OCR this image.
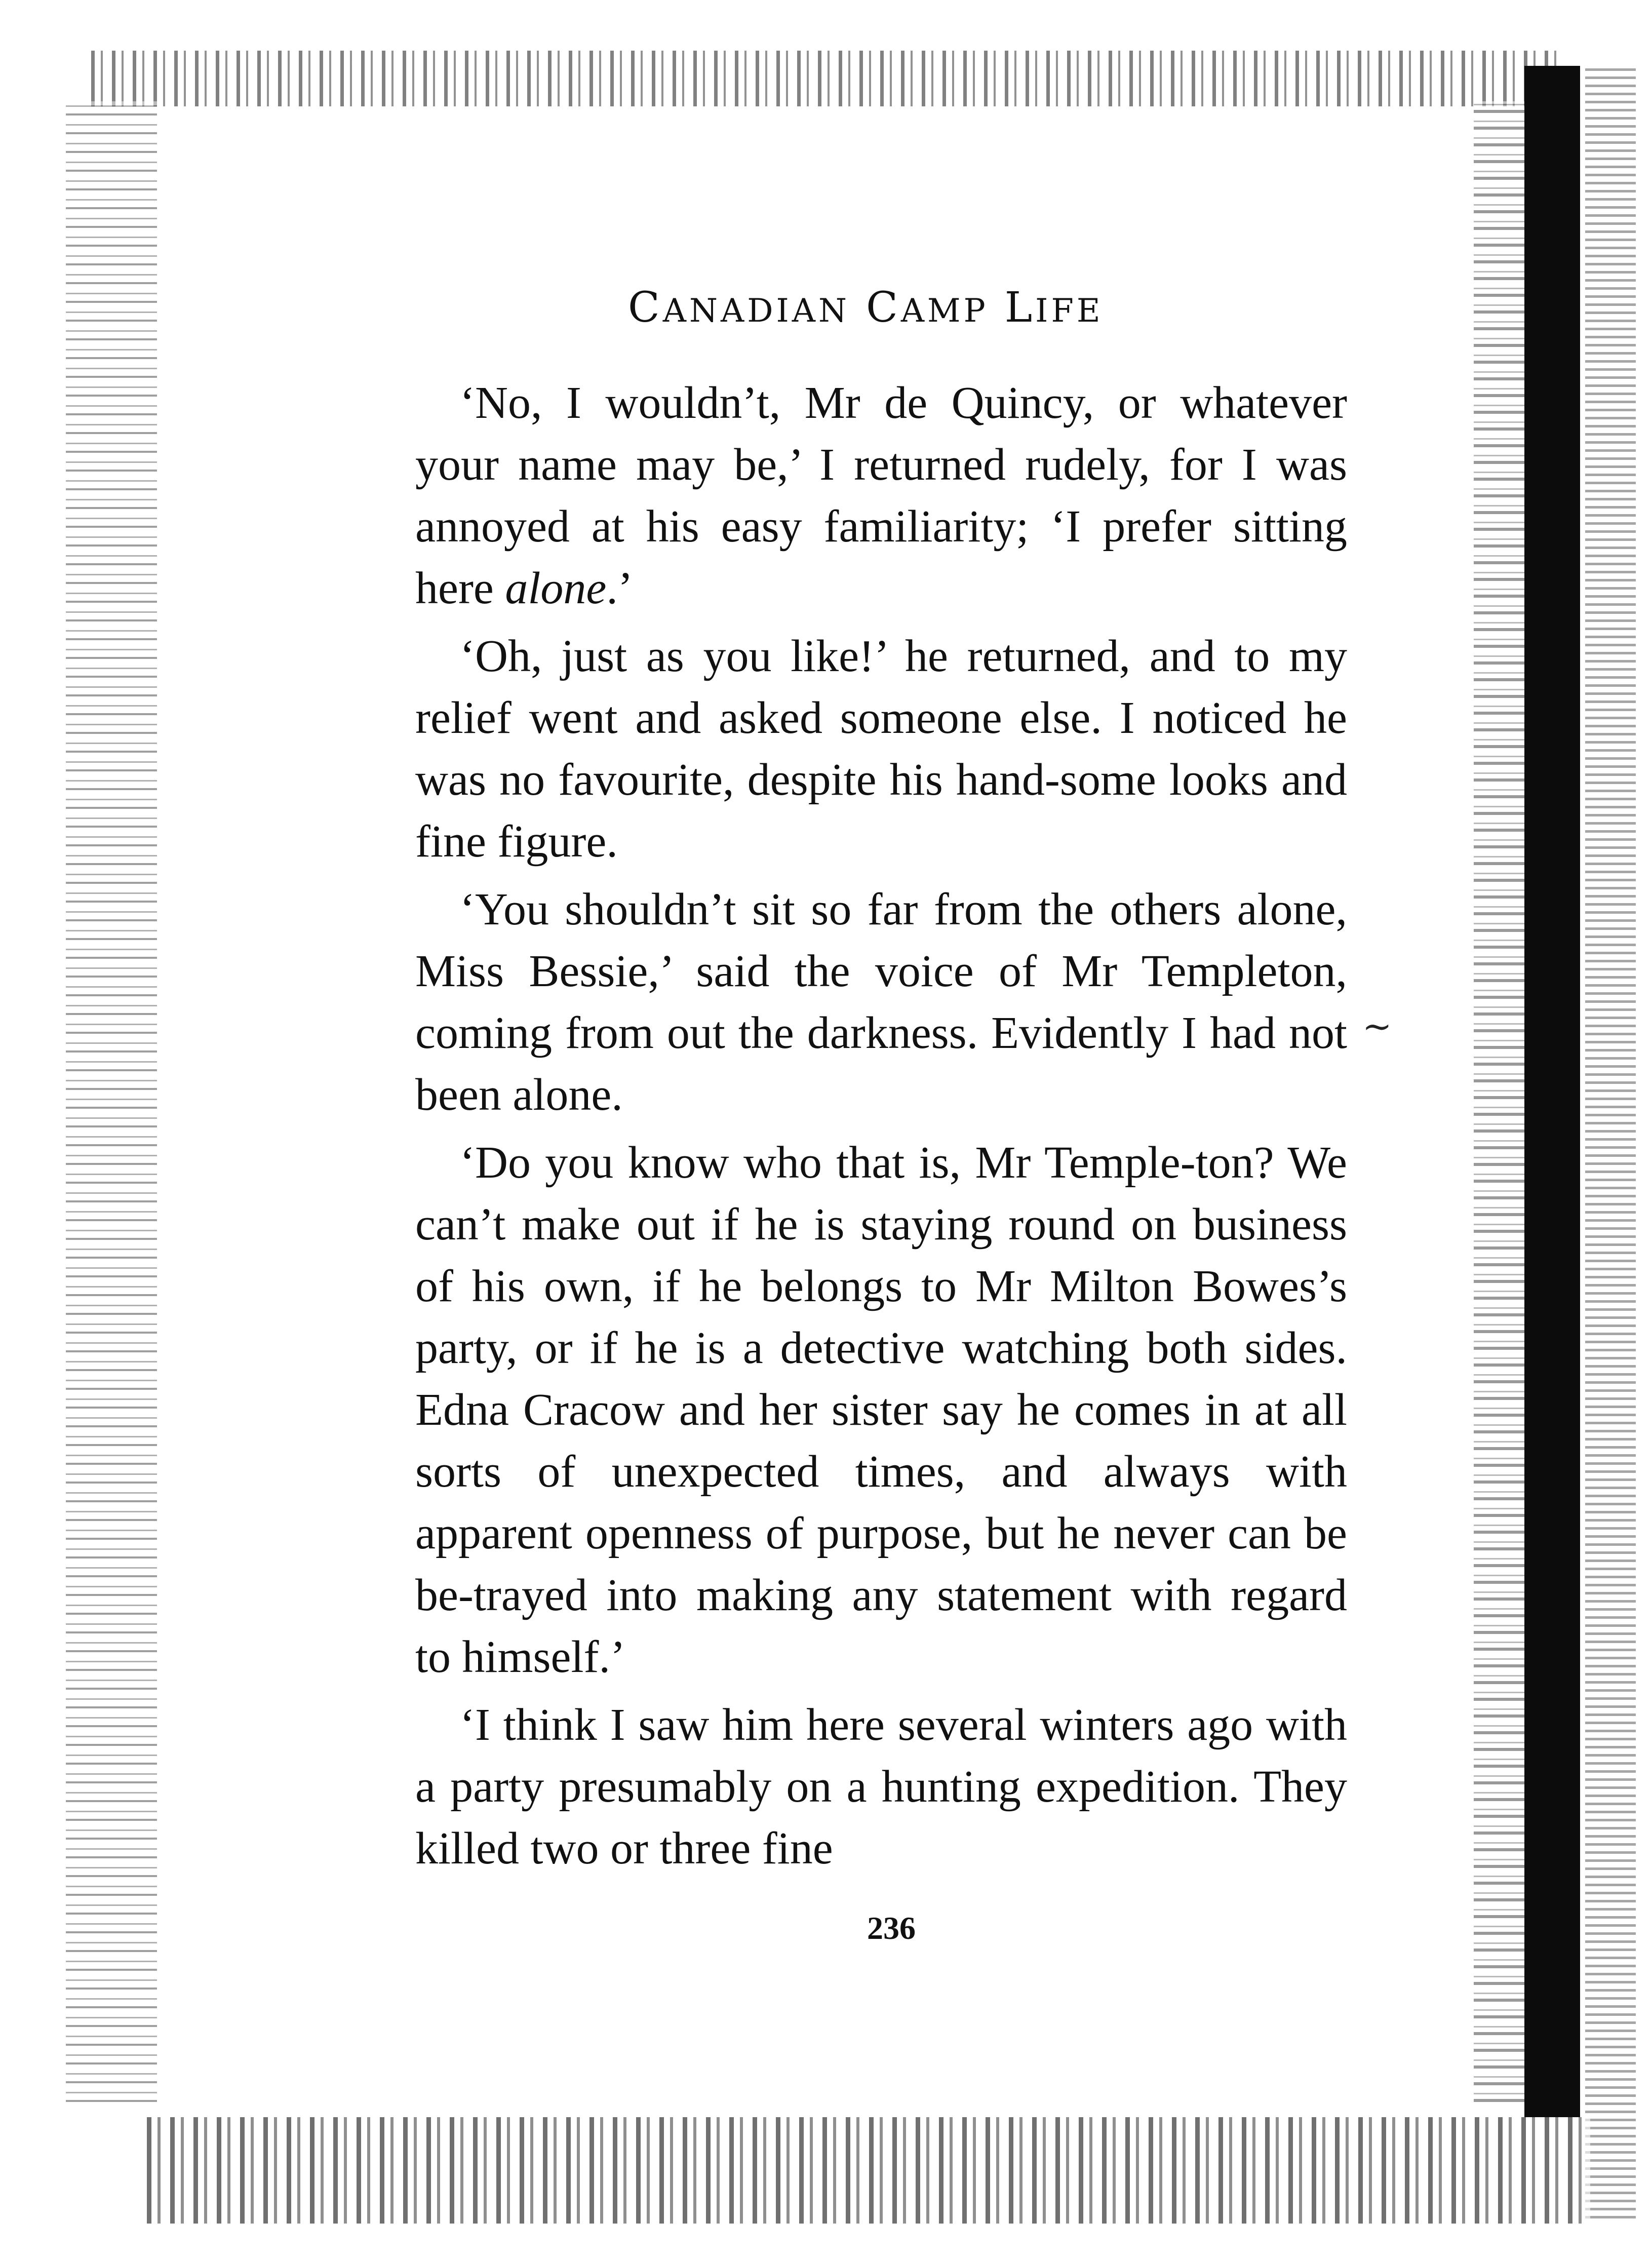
CANADIAN CAMP LIFE

‘No, I wouldn’t, Mr de Quincy, or whatever your name may be,’ I returned rudely, for I was annoyed at his easy familiarity; ‘I prefer sitting here alone.’

‘Oh, just as you like!’ he returned, and to my relief went and asked someone else. I noticed he was no favourite, despite his hand-some looks and fine figure.

‘You shouldn’t sit so far from the others alone, Miss Bessie,’ said the voice of Mr Templeton, coming from out the darkness. Evidently I had not been alone.

‘Do you know who that is, Mr Temple-ton? We can’t make out if he is staying round on business of his own, if he belongs to Mr Milton Bowes’s party, or if he is a detective watching both sides. Edna Cracow and her sister say he comes in at all sorts of unexpected times, and always with apparent openness of purpose, but he never can be be-trayed into making any statement with regard to himself.’

‘I think I saw him here several winters ago with a party presumably on a hunting expedition. They killed two or three fine

~
236
